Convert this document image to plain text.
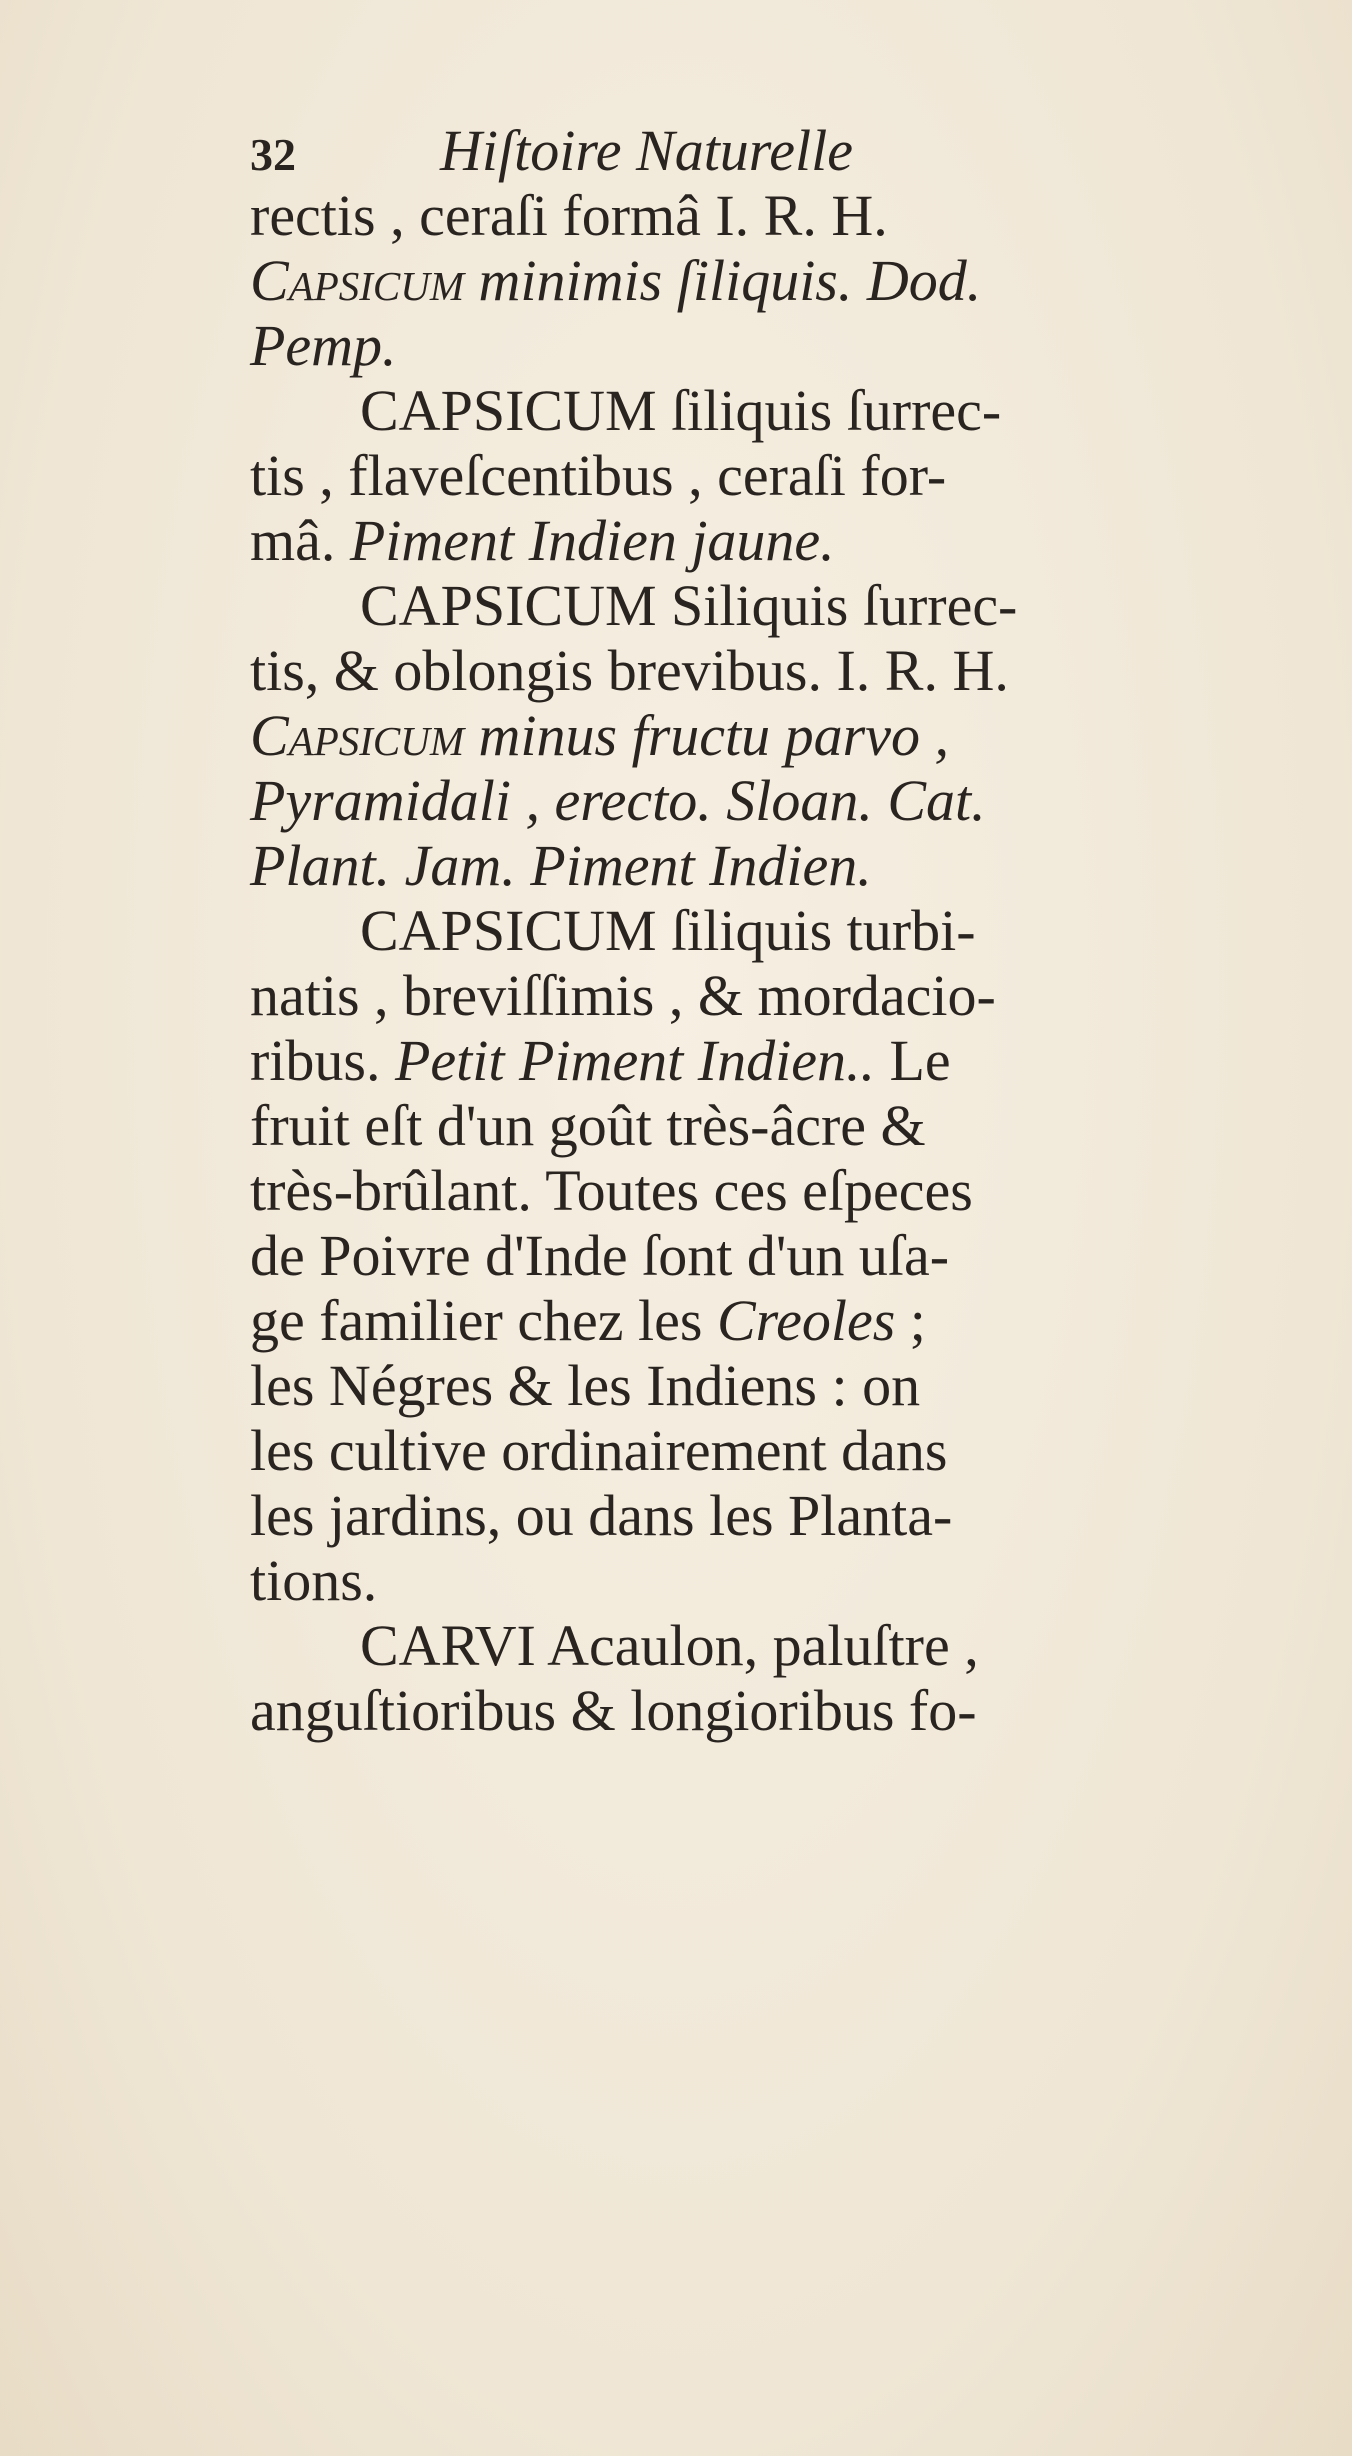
32 Hiſtoire Naturelle
rectis , ceraſi formâ I. R. H.
Capsicum minimis ſiliquis. Dod.
Pemp.
CAPSICUM ſiliquis ſurrec-
tis , flaveſcentibus , ceraſi for-
mâ. Piment Indien jaune.
CAPSICUM Siliquis ſurrec-
tis, & oblongis brevibus. I. R. H.
Capsicum minus fructu parvo ,
Pyramidali , erecto. Sloan. Cat.
Plant. Jam. Piment Indien.
CAPSICUM ſiliquis turbi-
natis , breviſſimis , & mordacio-
ribus. Petit Piment Indien.. Le
fruit eſt d'un goût très-âcre &
très-brûlant. Toutes ces eſpeces
de Poivre d'Inde ſont d'un uſa-
ge familier chez les Creoles ;
les Négres & les Indiens : on
les cultive ordinairement dans
les jardins, ou dans les Planta-
tions.
CARVI Acaulon, paluſtre ,
anguſtioribus & longioribus fo-
